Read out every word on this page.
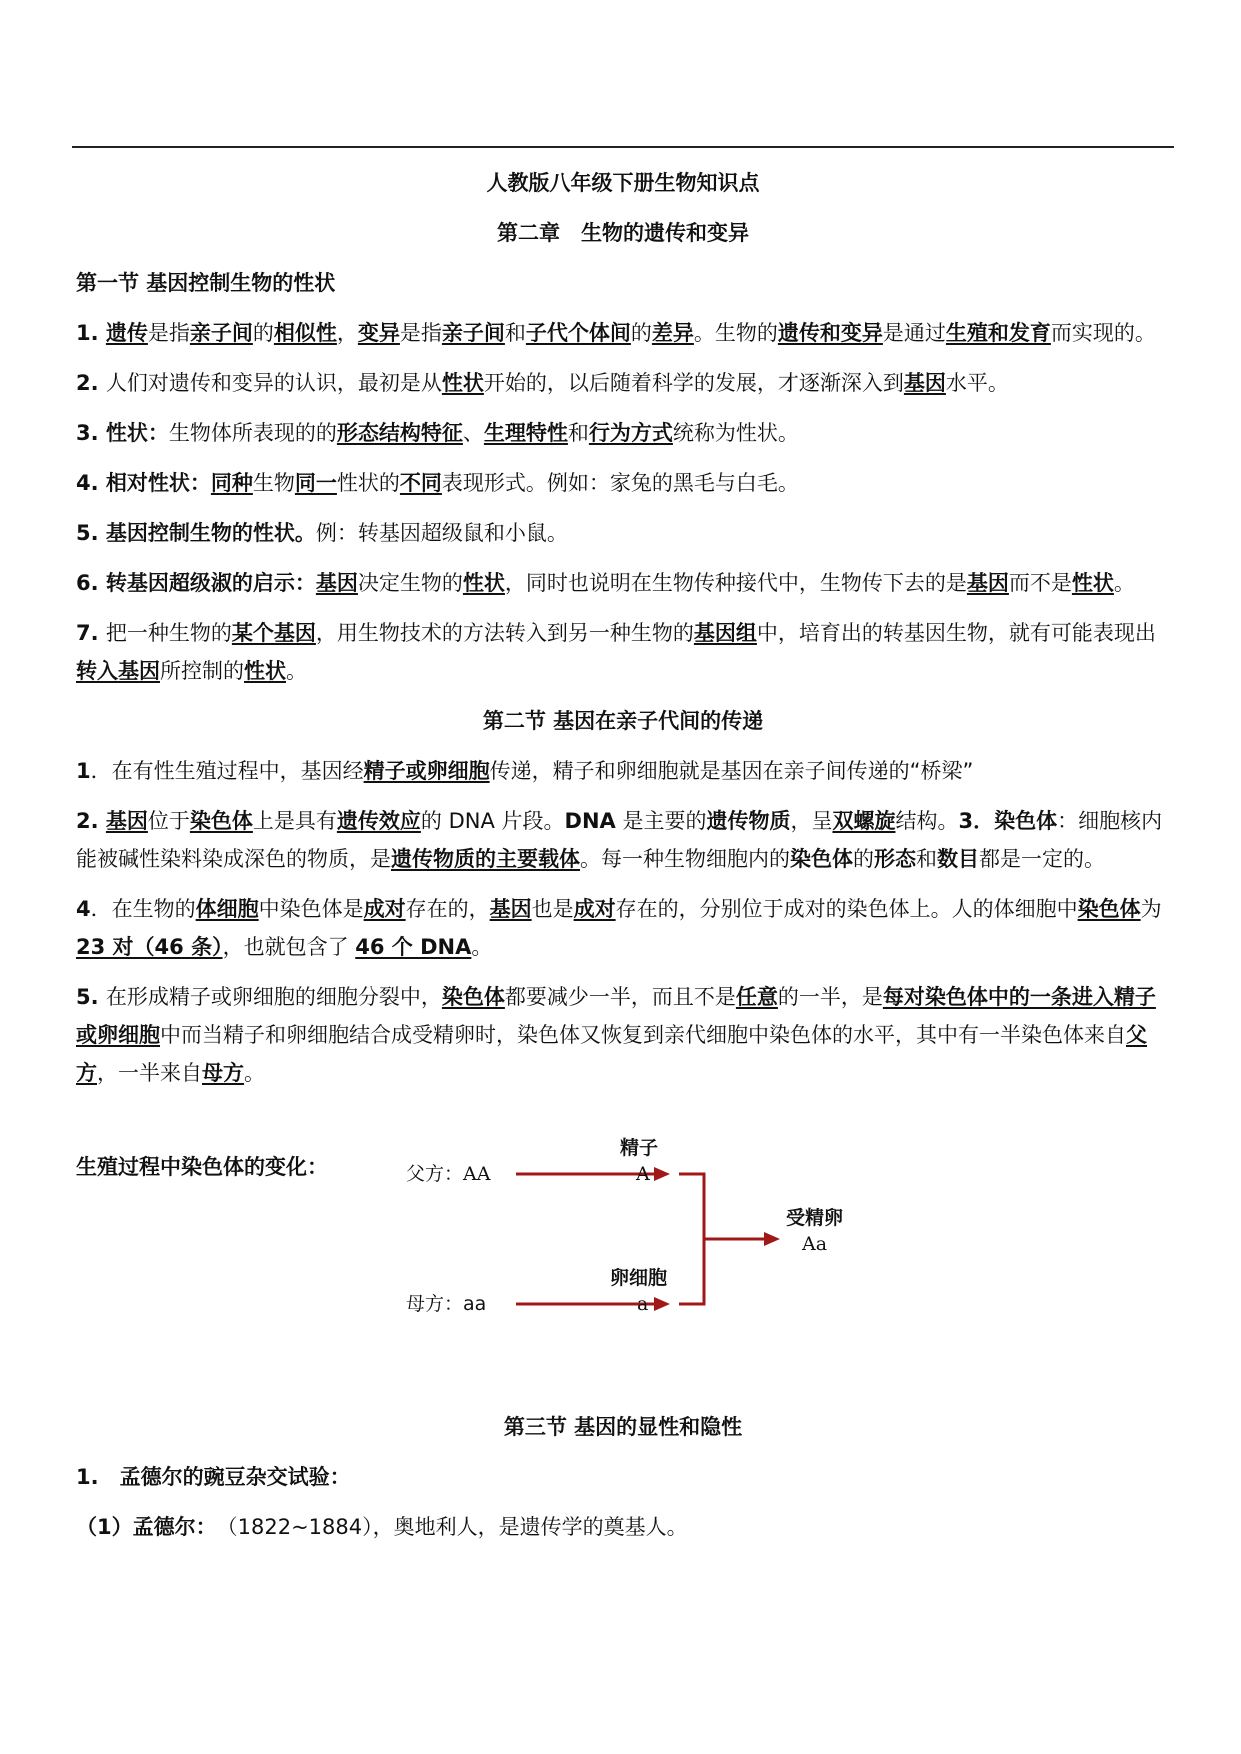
人教版八年级下册生物知识点
第二章　生物的遗传和变异
第一节 基因控制生物的性状

1. 遗传是指亲子间的相似性，变异是指亲子间和子代个体间的差异。生物的遗传和变异是通过生殖和发育而实现的。

2. 人们对遗传和变异的认识，最初是从性状开始的，以后随着科学的发展，才逐渐深入到基因水平。

3. 性状：生物体所表现的的形态结构特征、生理特性和行为方式统称为性状。

4. 相对性状：同种生物同一性状的不同表现形式。例如：家兔的黑毛与白毛。

5. 基因控制生物的性状。例：转基因超级鼠和小鼠。

6. 转基因超级淑的启示：基因决定生物的性状，同时也说明在生物传种接代中，生物传下去的是基因而不是性状。

7. 把一种生物的某个基因，用生物技术的方法转入到另一种生物的基因组中，培育出的转基因生物，就有可能表现出转入基因所控制的性状。

第二节 基因在亲子代间的传递

1．在有性生殖过程中，基因经精子或卵细胞传递，精子和卵细胞就是基因在亲子间传递的“桥梁”

2. 基因位于染色体上是具有遗传效应的 DNA 片段。DNA 是主要的遗传物质，呈双螺旋结构。3．染色体：细胞核内能被碱性染料染成深色的物质，是遗传物质的主要载体。每一种生物细胞内的染色体的形态和数目都是一定的。

4．在生物的体细胞中染色体是成对存在的，基因也是成对存在的，分别位于成对的染色体上。人的体细胞中染色体为 23 对（46 条），也就包含了 46 个 DNA。

5. 在形成精子或卵细胞的细胞分裂中，染色体都要减少一半，而且不是任意的一半，是每对染色体中的一条进入精子或卵细胞中而当精子和卵细胞结合成受精卵时，染色体又恢复到亲代细胞中染色体的水平，其中有一半染色体来自父方，一半来自母方。

生殖过程中染色体的变化：	父方：AA
精子
A
母方：aa
卵细胞
a
受精卵
Aa
第三节 基因的显性和隐性

1.　孟德尔的豌豆杂交试验：

（1）孟德尔：　（1822~1884），奥地利人，是遗传学的奠基人。
